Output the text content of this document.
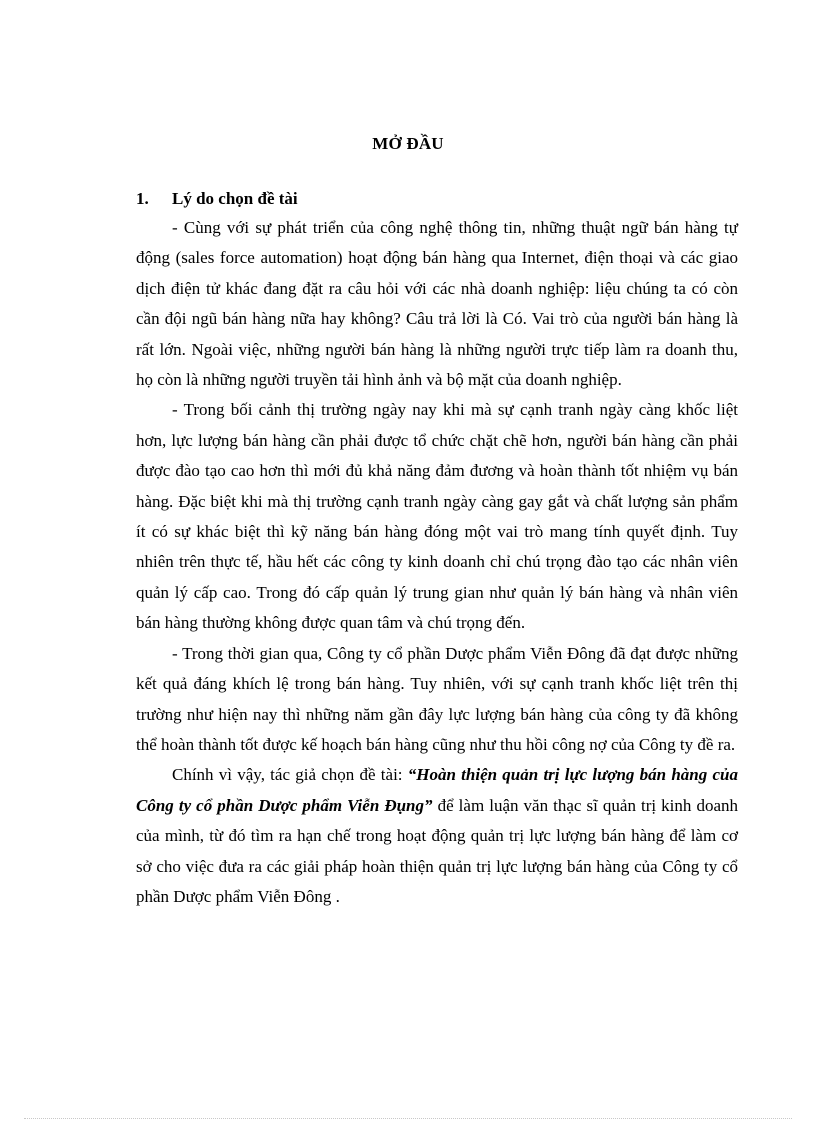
MỞ ĐẦU
1. Lý do chọn đề tài

- Cùng với sự phát triển của công nghệ thông tin, những thuật ngữ bán hàng tự động (sales force automation) hoạt động bán hàng qua Internet, điện thoại và các giao dịch điện tử khác đang đặt ra câu hỏi với các nhà doanh nghiệp: liệu chúng ta có còn cần đội ngũ bán hàng nữa hay không? Câu trả lời là Có. Vai trò của người bán hàng là rất lớn. Ngoài việc, những người bán hàng là những người trực tiếp làm ra doanh thu, họ còn là những người truyền tải hình ảnh và bộ mặt của doanh nghiệp.

- Trong bối cảnh thị trường ngày nay khi mà sự cạnh tranh ngày càng khốc liệt hơn, lực lượng bán hàng cần phải được tổ chức chặt chẽ hơn, người bán hàng cần phải được đào tạo cao hơn thì mới đủ khả năng đảm đương và hoàn thành tốt nhiệm vụ bán hàng. Đặc biệt khi mà thị trường cạnh tranh ngày càng gay gắt và chất lượng sản phẩm ít có sự khác biệt thì kỹ năng bán hàng đóng một vai trò mang tính quyết định. Tuy nhiên trên thực tế, hầu hết các công ty kinh doanh chỉ chú trọng đào tạo các nhân viên quản lý cấp cao. Trong đó cấp quản lý trung gian như quản lý bán hàng và nhân viên bán hàng thường không được quan tâm và chú trọng đến.

- Trong thời gian qua, Công ty cổ phần Dược phẩm Viễn Đông đã đạt được những kết quả đáng khích lệ trong bán hàng. Tuy nhiên, với sự cạnh tranh khốc liệt trên thị trường như hiện nay thì những năm gần đây lực lượng bán hàng của công ty đã không thể hoàn thành tốt được kế hoạch bán hàng cũng như thu hồi công nợ của Công ty đề ra.

Chính vì vậy, tác giả chọn đề tài: “Hoàn thiện quản trị lực lượng bán hàng của Công ty cổ phần Dược phẩm Viễn Đụng” để làm luận văn thạc sĩ quản trị kinh doanh của mình, từ đó tìm ra hạn chế trong hoạt động quản trị lực lượng bán hàng để làm cơ sở cho việc đưa ra các giải pháp hoàn thiện quản trị lực lượng bán hàng của Công ty cổ phần Dược phẩm Viễn Đông .
